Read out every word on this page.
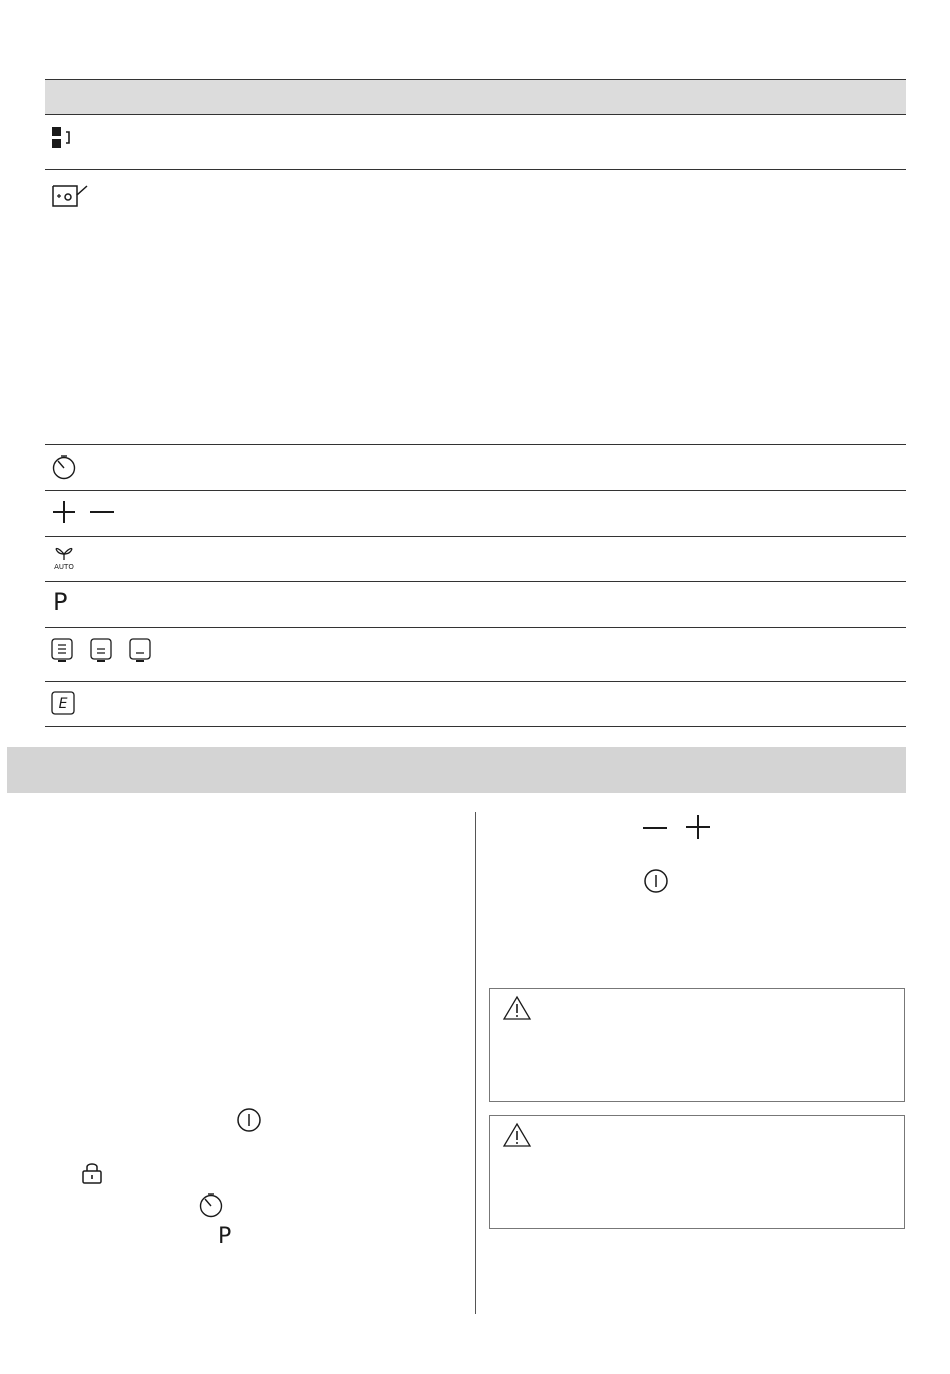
AUTO
P
E
P
